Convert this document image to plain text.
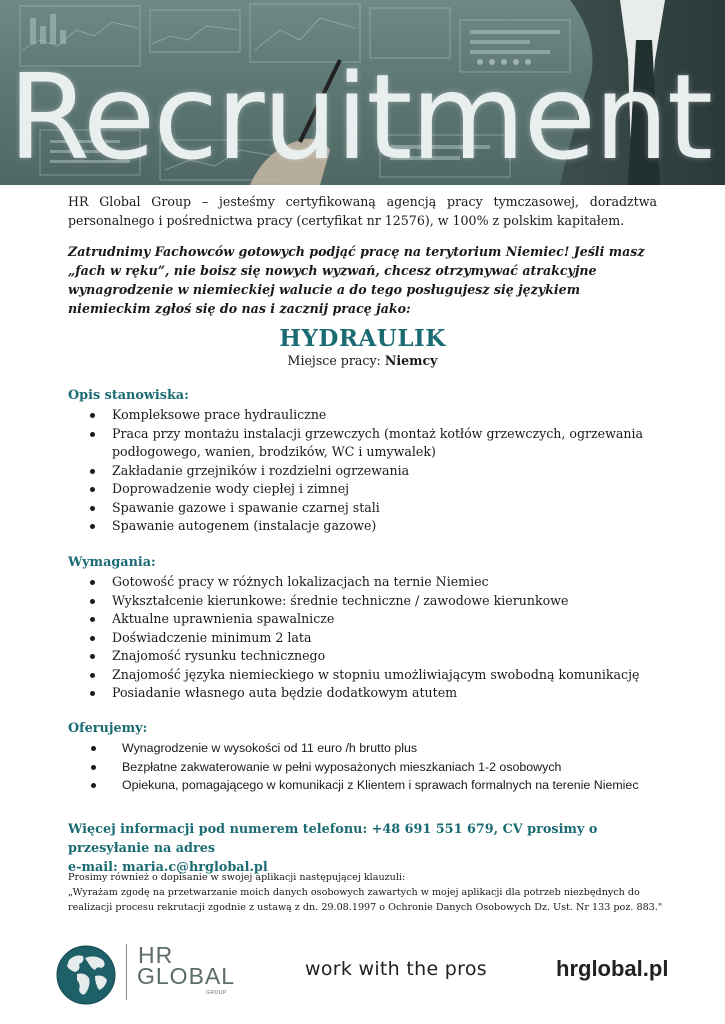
Recruitment

HR Global Group – jesteśmy certyfikowaną agencją pracy tymczasowej, doradztwa personalnego i pośrednictwa pracy (certyfikat nr 12576), w 100% z polskim kapitałem.

Zatrudnimy Fachowców gotowych podjąć pracę na terytorium Niemiec! Jeśli masz „fach w ręku”, nie boisz się nowych wyzwań, chcesz otrzymywać atrakcyjne wynagrodzenie w niemieckiej walucie a do tego posługujesz się językiem niemieckim zgłoś się do nas i zacznij pracę jako:

HYDRAULIK
Miejsce pracy: Niemcy
Opis stanowiska:
Kompleksowe prace hydrauliczne
Praca przy montażu instalacji grzewczych (montaż kotłów grzewczych, ogrzewania podłogowego, wanien, brodzików, WC i umywalek)
Zakładanie grzejników i rozdzielni ogrzewania
Doprowadzenie wody ciepłej i zimnej
Spawanie gazowe i spawanie czarnej stali
Spawanie autogenem (instalacje gazowe)
Wymagania:
Gotowość pracy w różnych lokalizacjach na ternie Niemiec
Wykształcenie kierunkowe: średnie techniczne / zawodowe kierunkowe
Aktualne uprawnienia spawalnicze
Doświadczenie minimum 2 lata
Znajomość rysunku technicznego
Znajomość języka niemieckiego w stopniu umożliwiającym swobodną komunikację
Posiadanie własnego auta będzie dodatkowym atutem
Oferujemy:
Wynagrodzenie w wysokości od 11 euro /h brutto plus
Bezpłatne zakwaterowanie w pełni wyposażonych mieszkaniach 1-2 osobowych
Opiekuna, pomagającego w komunikacji z Klientem i sprawach formalnych na terenie Niemiec
Więcej informacji pod numerem telefonu: +48 691 551 679, CV prosimy o przesyłanie na adres
e-mail: maria.c@hrglobal.pl

Prosimy również o dopisanie w swojej aplikacji następującej klauzuli:

„Wyrażam zgodę na przetwarzanie moich danych osobowych zawartych w mojej aplikacji dla potrzeb niezbędnych do realizacji procesu rekrutacji zgodnie z ustawą z dn. 29.08.1997 o Ochronie Danych Osobowych Dz. Ust. Nr 133 poz. 883."

HR
GLOBAL
GROUP
work with the pros	hrglobal.pl
